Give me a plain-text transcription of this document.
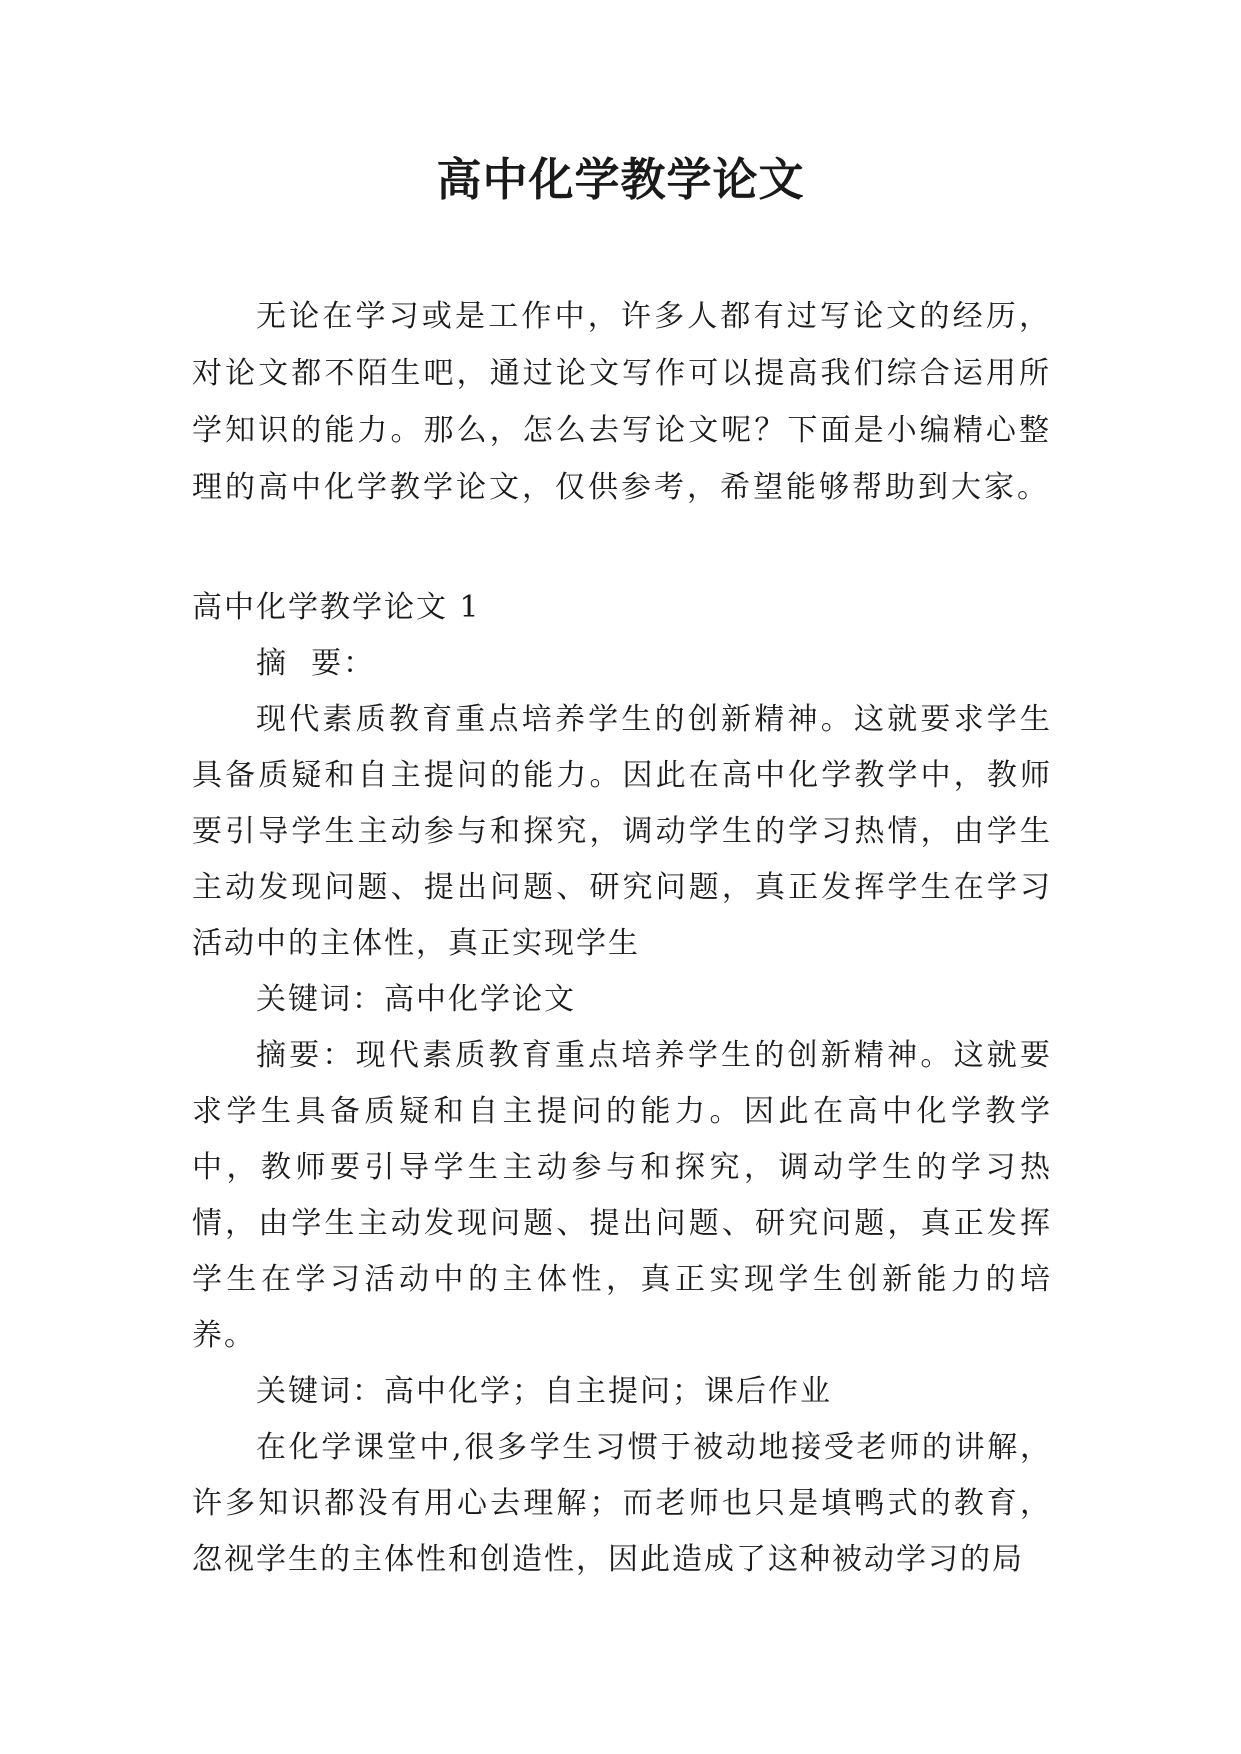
高中化学教学论文

无论在学习或是工作中，许多人都有过写论文的经历，对论文都不陌生吧，通过论文写作可以提高我们综合运用所学知识的能力。那么，怎么去写论文呢？下面是小编精心整理的高中化学教学论文，仅供参考，希望能够帮助到大家。

高中化学教学论文 1

摘  要：

现代素质教育重点培养学生的创新精神。这就要求学生具备质疑和自主提问的能力。因此在高中化学教学中，教师要引导学生主动参与和探究，调动学生的学习热情，由学生主动发现问题、提出问题、研究问题，真正发挥学生在学习活动中的主体性，真正实现学生

关键词：高中化学论文

摘要：现代素质教育重点培养学生的创新精神。这就要求学生具备质疑和自主提问的能力。因此在高中化学教学中，教师要引导学生主动参与和探究，调动学生的学习热情，由学生主动发现问题、提出问题、研究问题，真正发挥学生在学习活动中的主体性，真正实现学生创新能力的培养。

关键词：高中化学；自主提问；课后作业

在化学课堂中,很多学生习惯于被动地接受老师的讲解，许多知识都没有用心去理解；而老师也只是填鸭式的教育，忽视学生的主体性和创造性，因此造成了这种被动学习的局
